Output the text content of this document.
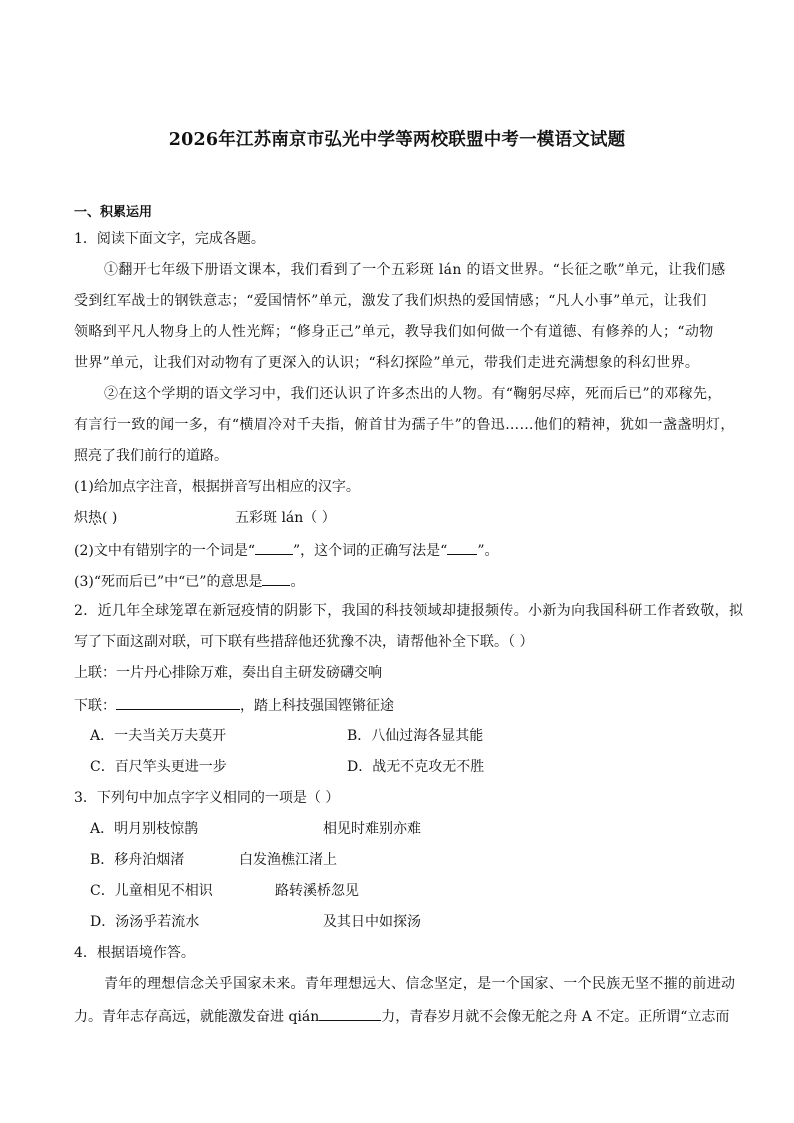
2026年江苏南京市弘光中学等两校联盟中考一模语文试题
一、积累运用
1．阅读下面文字，完成各题。
①翻开七年级下册语文课本，我们看到了一个五彩斑 lán 的语文世界。“长征之歌”单元，让我们感
受到红军战士的钢铁意志；“爱国情怀”单元，激发了我们炽热的爱国情感；“凡人小事”单元，让我们
领略到平凡人物身上的人性光辉；“修身正己”单元，教导我们如何做一个有道德、有修养的人；“动物
世界”单元，让我们对动物有了更深入的认识；“科幻探险”单元，带我们走进充满想象的科幻世界。
②在这个学期的语文学习中，我们还认识了许多杰出的人物。有“鞠躬尽瘁，死而后已”的邓稼先，
有言行一致的闻一多，有“横眉冷对千夫指，俯首甘为孺子牛”的鲁迅……他们的精神，犹如一盏盏明灯，
照亮了我们前行的道路。
(1)给加点字注音，根据拼音写出相应的汉字。
炽热( )	五彩斑 lán（ ）
(2)文中有错别字的一个词是“	”，这个词的正确写法是“ ”。
(3)“死而后已”中“已”的意思是 。
2．近几年全球笼罩在新冠疫情的阴影下，我国的科技领域却捷报频传。小新为向我国科研工作者致敬，拟
写了下面这副对联，可下联有些措辞他还犹豫不决，请帮他补全下联。（ ）
上联：一片丹心排除万难，奏出自主研发磅礴交响
下联：	，踏上科技强国铿锵征途
A．一夫当关万夫莫开	B．八仙过海各显其能
C．百尺竿头更进一步	D．战无不克攻无不胜
3．下列句中加点字字义相同的一项是（ ）
A．明月别枝惊鹊	相见时难别亦难
B．移舟泊烟渚	白发渔樵江渚上
C．儿童相见不相识	路转溪桥忽见
D．汤汤乎若流水	及其日中如探汤
4．根据语境作答。
青年的理想信念关乎国家未来。青年理想远大、信念坚定，是一个国家、一个民族无坚不摧的前进动
力。青年志存高远，就能激发奋进 qián	力，青春岁月就不会像无舵之舟 A 不定。正所谓“立志而
